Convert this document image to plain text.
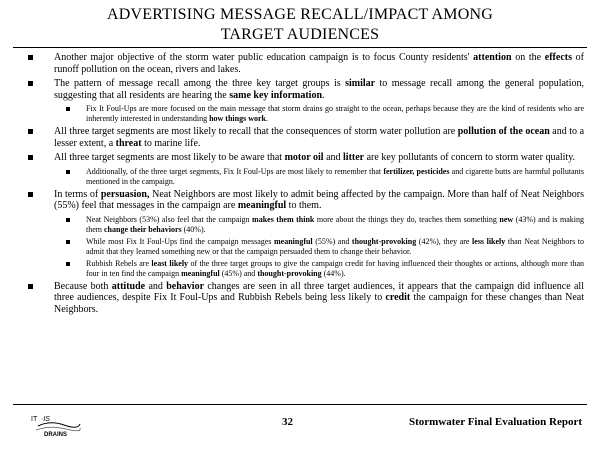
ADVERTISING MESSAGE RECALL/IMPACT AMONG
TARGET AUDIENCES
Another major objective of the storm water public education campaign is to focus County residents' attention on the effects of runoff pollution on the ocean, rivers and lakes.
The pattern of message recall among the three key target groups is similar to message recall among the general population, suggesting that all residents are hearing the same key information.
Fix It Foul-Ups are more focused on the main message that storm drains go straight to the ocean, perhaps because they are the kind of residents who are inherently interested in understanding how things work.
All three target segments are most likely to recall that the consequences of storm water pollution are pollution of the ocean and to a lesser extent, a threat to marine life.
All three target segments are most likely to be aware that motor oil and litter are key pollutants of concern to storm water quality.
Additionally, of the three target segments, Fix It Foul-Ups are most likely to remember that fertilizer, pesticides and cigarette butts are harmful pollutants mentioned in the campaign.
In terms of persuasion, Neat Neighbors are most likely to admit being affected by the campaign. More than half of Neat Neighbors (55%) feel that messages in the campaign are meaningful to them.
Neat Neighbors (53%) also feel that the campaign makes them think more about the things they do, teaches them something new (43%) and is making them change their behaviors (40%).
While most Fix It Foul-Ups find the campaign messages meaningful (55%) and thought-provoking (42%), they are less likely than Neat Neighbors to admit that they learned something new or that the campaign persuaded them to change their behavior.
Rubbish Rebels are least likely of the three target groups to give the campaign credit for having influenced their thoughts or actions, although more than four in ten find the campaign meaningful (45%) and thought-provoking (44%).
Because both attitude and behavior changes are seen in all three target audiences, it appears that the campaign did influence all three audiences, despite Fix It Foul-Ups and Rubbish Rebels being less likely to credit the campaign for these changes than Neat Neighbors.
IT ·IS
DRAINS
32	Stormwater Final Evaluation Report
